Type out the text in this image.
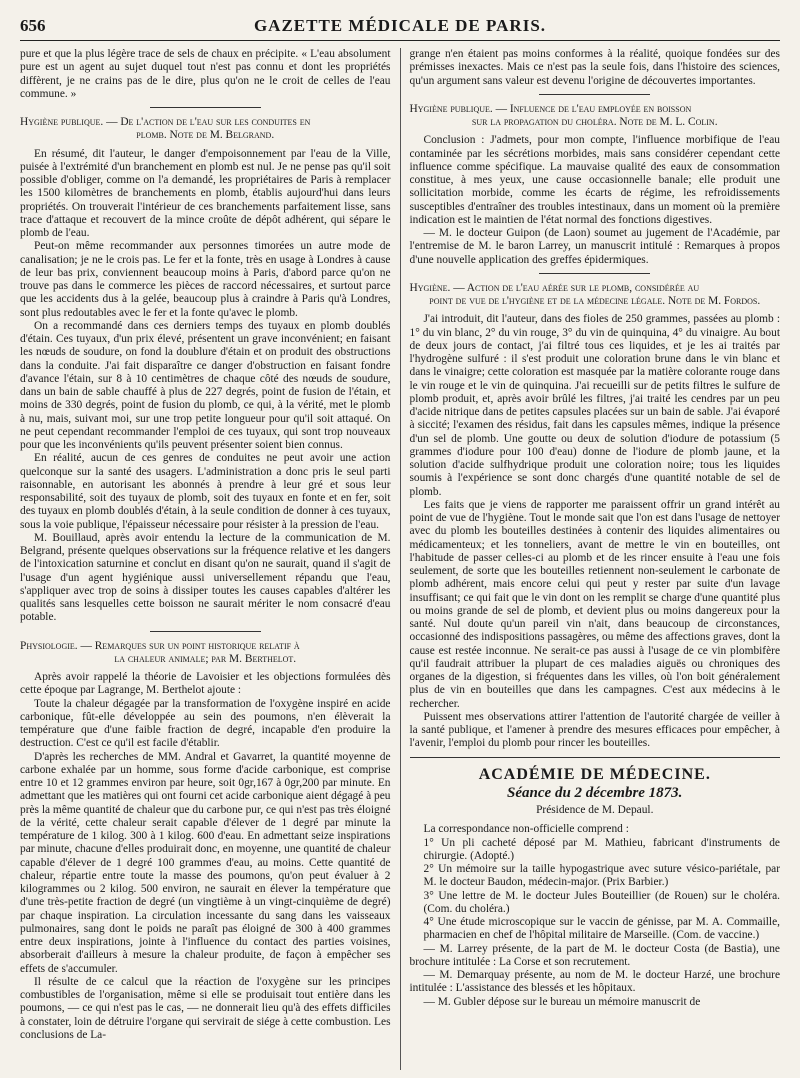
656	GAZETTE MÉDICALE DE PARIS.

pure et que la plus légère trace de sels de chaux en précipite. « L'eau absolument pure est un agent au sujet duquel tout n'est pas connu et dont les propriétés diffèrent, je ne crains pas de le dire, plus qu'on ne le croit de celles de l'eau commune. »

Hygiène publique. — De l'action de l'eau sur les conduites en
plomb. Note de M. Belgrand.

En résumé, dit l'auteur, le danger d'empoisonnement par l'eau de la Ville, puisée à l'extrémité d'un branchement en plomb est nul. Je ne pense pas qu'il soit possible d'obliger, comme on l'a demandé, les propriétaires de Paris à remplacer les 1500 kilomètres de branchements en plomb, établis aujourd'hui dans leurs propriétés. On trouverait l'intérieur de ces branchements parfaitement lisse, sans trace d'attaque et recouvert de la mince croûte de dépôt adhérent, qui sépare le plomb de l'eau.

Peut-on même recommander aux personnes timorées un autre mode de canalisation; je ne le crois pas. Le fer et la fonte, très en usage à Londres à cause de leur bas prix, conviennent beaucoup moins à Paris, d'abord parce qu'on ne trouve pas dans le commerce les pièces de raccord nécessaires, et surtout parce que les accidents dus à la gelée, beaucoup plus à craindre à Paris qu'à Londres, sont plus redoutables avec le fer et la fonte qu'avec le plomb.

On a recommandé dans ces derniers temps des tuyaux en plomb doublés d'étain. Ces tuyaux, d'un prix élevé, présentent un grave inconvénient; en faisant les nœuds de soudure, on fond la doublure d'étain et on produit des obstructions dans la conduite. J'ai fait disparaître ce danger d'obstruction en faisant fondre d'avance l'étain, sur 8 à 10 centimètres de chaque côté des nœuds de soudure, dans un bain de sable chauffé à plus de 227 degrés, point de fusion de l'étain, et moins de 330 degrés, point de fusion du plomb, ce qui, à la vérité, met le plomb à nu, mais, suivant moi, sur une trop petite longueur pour qu'il soit attaqué. On ne peut cependant recommander l'emploi de ces tuyaux, qui sont trop nouveaux pour que les inconvénients qu'ils peuvent présenter soient bien connus.

En réalité, aucun de ces genres de conduites ne peut avoir une action quelconque sur la santé des usagers. L'administration a donc pris le seul parti raisonnable, en autorisant les abonnés à prendre à leur gré et sous leur responsabilité, soit des tuyaux de plomb, soit des tuyaux en fonte et en fer, soit des tuyaux en plomb doublés d'étain, à la seule condition de donner à ces tuyaux, sous la voie publique, l'épaisseur nécessaire pour résister à la pression de l'eau.

M. Bouillaud, après avoir entendu la lecture de la communication de M. Belgrand, présente quelques observations sur la fréquence relative et les dangers de l'intoxication saturnine et conclut en disant qu'on ne saurait, quand il s'agit de l'usage d'un agent hygiénique aussi universellement répandu que l'eau, s'appliquer avec trop de soins à dissiper toutes les causes capables d'altérer les qualités sans lesquelles cette boisson ne saurait mériter le nom consacré d'eau potable.

Physiologie. — Remarques sur un point historique relatif à
la chaleur animale; par M. Berthelot.

Après avoir rappelé la théorie de Lavoisier et les objections formulées dès cette époque par Lagrange, M. Berthelot ajoute :

Toute la chaleur dégagée par la transformation de l'oxygène inspiré en acide carbonique, fût-elle développée au sein des poumons, n'en élèverait la température que d'une faible fraction de degré, incapable d'en produire la destruction. C'est ce qu'il est facile d'établir.

D'après les recherches de MM. Andral et Gavarret, la quantité moyenne de carbone exhalée par un homme, sous forme d'acide carbonique, est comprise entre 10 et 12 grammes environ par heure, soit 0gr,167 à 0gr,200 par minute. En admettant que les matières qui ont fourni cet acide carbonique aient dégagé à peu près la même quantité de chaleur que du carbone pur, ce qui n'est pas très éloigné de la vérité, cette chaleur serait capable d'élever de 1 degré par minute la température de 1 kilog. 300 à 1 kilog. 600 d'eau. En admettant seize inspirations par minute, chacune d'elles produirait donc, en moyenne, une quantité de chaleur capable d'élever de 1 degré 100 grammes d'eau, au moins. Cette quantité de chaleur, répartie entre toute la masse des poumons, qu'on peut évaluer à 2 kilogrammes ou 2 kilog. 500 environ, ne saurait en élever la température que d'une très-petite fraction de degré (un vingtième à un vingt-cinquième de degré) par chaque inspiration. La circulation incessante du sang dans les vaisseaux pulmonaires, sang dont le poids ne paraît pas éloigné de 300 à 400 grammes entre deux inspirations, jointe à l'influence du contact des parties voisines, absorberait d'ailleurs à mesure la chaleur produite, de façon à empêcher ses effets de s'accumuler.

Il résulte de ce calcul que la réaction de l'oxygène sur les principes combustibles de l'organisation, même si elle se produisait tout entière dans les poumons, — ce qui n'est pas le cas, — ne donnerait lieu qu'à des effets difficiles à constater, loin de détruire l'organe qui servirait de siége à cette combustion. Les conclusions de La-

grange n'en étaient pas moins conformes à la réalité, quoique fondées sur des prémisses inexactes. Mais ce n'est pas la seule fois, dans l'histoire des sciences, qu'un argument sans valeur est devenu l'origine de découvertes importantes.

Hygiène publique. — Influence de l'eau employée en boisson
sur la propagation du choléra. Note de M. L. Colin.

Conclusion : J'admets, pour mon compte, l'influence morbifique de l'eau contaminée par les sécrétions morbides, mais sans considérer cependant cette influence comme spécifique. La mauvaise qualité des eaux de consommation constitue, à mes yeux, une cause occasionnelle banale; elle produit une sollicitation morbide, comme les écarts de régime, les refroidissements susceptibles d'entraîner des troubles intestinaux, dans un moment où la première indication est le maintien de l'état normal des fonctions digestives.

— M. le docteur Guipon (de Laon) soumet au jugement de l'Académie, par l'entremise de M. le baron Larrey, un manuscrit intitulé : Remarques à propos d'une nouvelle application des greffes épidermiques.

Hygiène. — Action de l'eau aérée sur le plomb, considérée au
point de vue de l'hygiène et de la médecine légale. Note de M. Fordos.

J'ai introduit, dit l'auteur, dans des fioles de 250 grammes, passées au plomb : 1° du vin blanc, 2° du vin rouge, 3° du vin de quinquina, 4° du vinaigre. Au bout de deux jours de contact, j'ai filtré tous ces liquides, et je les ai traités par l'hydrogène sulfuré : il s'est produit une coloration brune dans le vin blanc et dans le vinaigre; cette coloration est masquée par la matière colorante rouge dans le vin rouge et le vin de quinquina. J'ai recueilli sur de petits filtres le sulfure de plomb produit, et, après avoir brûlé les filtres, j'ai traité les cendres par un peu d'acide nitrique dans de petites capsules placées sur un bain de sable. J'ai évaporé à siccité; l'examen des résidus, fait dans les capsules mêmes, indique la présence d'un sel de plomb. Une goutte ou deux de solution d'iodure de potassium (5 grammes d'iodure pour 100 d'eau) donne de l'iodure de plomb jaune, et la solution d'acide sulfhydrique produit une coloration noire; tous les liquides soumis à l'expérience se sont donc chargés d'une quantité notable de sel de plomb.

Les faits que je viens de rapporter me paraissent offrir un grand intérêt au point de vue de l'hygiène. Tout le monde sait que l'on est dans l'usage de nettoyer avec du plomb les bouteilles destinées à contenir des liquides alimentaires ou médicamenteux; et les tonneliers, avant de mettre le vin en bouteilles, ont l'habitude de passer celles-ci au plomb et de les rincer ensuite à l'eau une fois seulement, de sorte que les bouteilles retiennent non-seulement le carbonate de plomb adhérent, mais encore celui qui peut y rester par suite d'un lavage insuffisant; ce qui fait que le vin dont on les remplit se charge d'une quantité plus ou moins grande de sel de plomb, et devient plus ou moins dangereux pour la santé. Nul doute qu'un pareil vin n'ait, dans beaucoup de circonstances, occasionné des indispositions passagères, ou même des affections graves, dont la cause est restée inconnue. Ne serait-ce pas aussi à l'usage de ce vin plombifère qu'il faudrait attribuer la plupart de ces maladies aiguës ou chroniques des organes de la digestion, si fréquentes dans les villes, où l'on boit généralement plus de vin en bouteilles que dans les campagnes. C'est aux médecins à le rechercher.

Puissent mes observations attirer l'attention de l'autorité chargée de veiller à la santé publique, et l'amener à prendre des mesures efficaces pour empêcher, à l'avenir, l'emploi du plomb pour rincer les bouteilles.

ACADÉMIE DE MÉDECINE.
Séance du 2 décembre 1873.
Présidence de M. Depaul.

La correspondance non-officielle comprend :

1° Un pli cacheté déposé par M. Mathieu, fabricant d'instruments de chirurgie. (Adopté.)

2° Un mémoire sur la taille hypogastrique avec suture vésico-pariétale, par M. le docteur Baudon, médecin-major. (Prix Barbier.)

3° Une lettre de M. le docteur Jules Bouteillier (de Rouen) sur le choléra. (Com. du choléra.)

4° Une étude microscopique sur le vaccin de génisse, par M. A. Commaille, pharmacien en chef de l'hôpital militaire de Marseille. (Com. de vaccine.)

— M. Larrey présente, de la part de M. le docteur Costa (de Bastia), une brochure intitulée : La Corse et son recrutement.

— M. Demarquay présente, au nom de M. le docteur Harzé, une brochure intitulée : L'assistance des blessés et les hôpitaux.

— M. Gubler dépose sur le bureau un mémoire manuscrit de
